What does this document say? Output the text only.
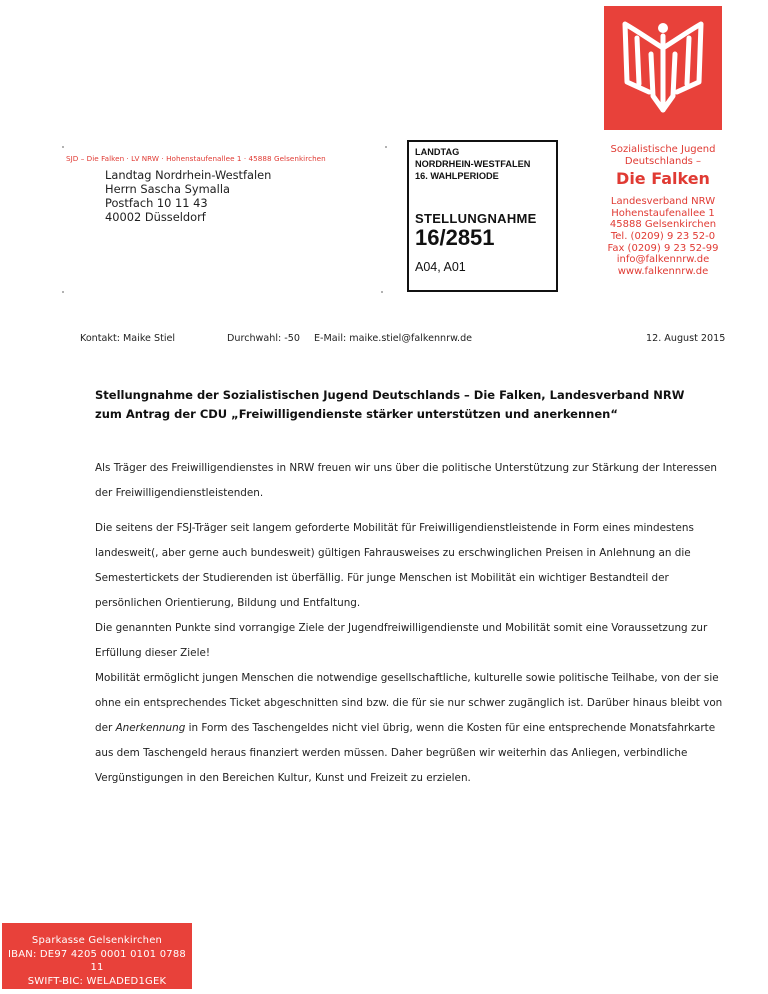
SJD – Die Falken · LV NRW · Hohenstaufenallee 1 · 45888 Gelsenkirchen
Landtag Nordrhein-Westfalen
Herrn Sascha Symalla
Postfach 10 11 43
40002 Düsseldorf
LANDTAG
NORDRHEIN-WESTFALEN
16. WAHLPERIODE
STELLUNGNAHME
16/2851
A04, A01
Sozialistische Jugend
Deutschlands –
Die Falken
Landesverband NRW
Hohenstaufenallee 1
45888 Gelsenkirchen
Tel. (0209) 9 23 52-0
Fax (0209) 9 23 52-99
info@falkennrw.de
www.falkennrw.de
Kontakt: Maike Stiel	Durchwahl: -50 E-Mail: maike.stiel@falkennrw.de	12. August 2015
Stellungnahme der Sozialistischen Jugend Deutschlands – Die Falken, Landesverband NRW
zum Antrag der CDU „Freiwilligendienste stärker unterstützen und anerkennen“

Als Träger des Freiwilligendienstes in NRW freuen wir uns über die politische Unterstützung zur Stärkung der Interessen der Freiwilligendienstleistenden.

Die seitens der FSJ-Träger seit langem geforderte Mobilität für Freiwilligendienstleistende in Form eines mindestens landesweit(, aber gerne auch bundesweit) gültigen Fahrausweises zu erschwinglichen Preisen in Anlehnung an die Semestertickets der Studierenden ist überfällig. Für junge Menschen ist Mobilität ein wichtiger Bestandteil der persönlichen Orientierung, Bildung und Entfaltung.

Die genannten Punkte sind vorrangige Ziele der Jugendfreiwilligendienste und Mobilität somit eine Voraussetzung zur Erfüllung dieser Ziele!

Mobilität ermöglicht jungen Menschen die notwendige gesellschaftliche, kulturelle sowie politische Teilhabe, von der sie ohne ein entsprechendes Ticket abgeschnitten sind bzw. die für sie nur schwer zugänglich ist. Darüber hinaus bleibt von der Anerkennung in Form des Taschengeldes nicht viel übrig, wenn die Kosten für eine entsprechende Monatsfahrkarte aus dem Taschengeld heraus finanziert werden müssen. Daher begrüßen wir weiterhin das Anliegen, verbindliche Vergünstigungen in den Bereichen Kultur, Kunst und Freizeit zu erzielen.

Sparkasse Gelsenkirchen
IBAN: DE97 4205 0001 0101 0788 11
SWIFT-BIC: WELADED1GEK
